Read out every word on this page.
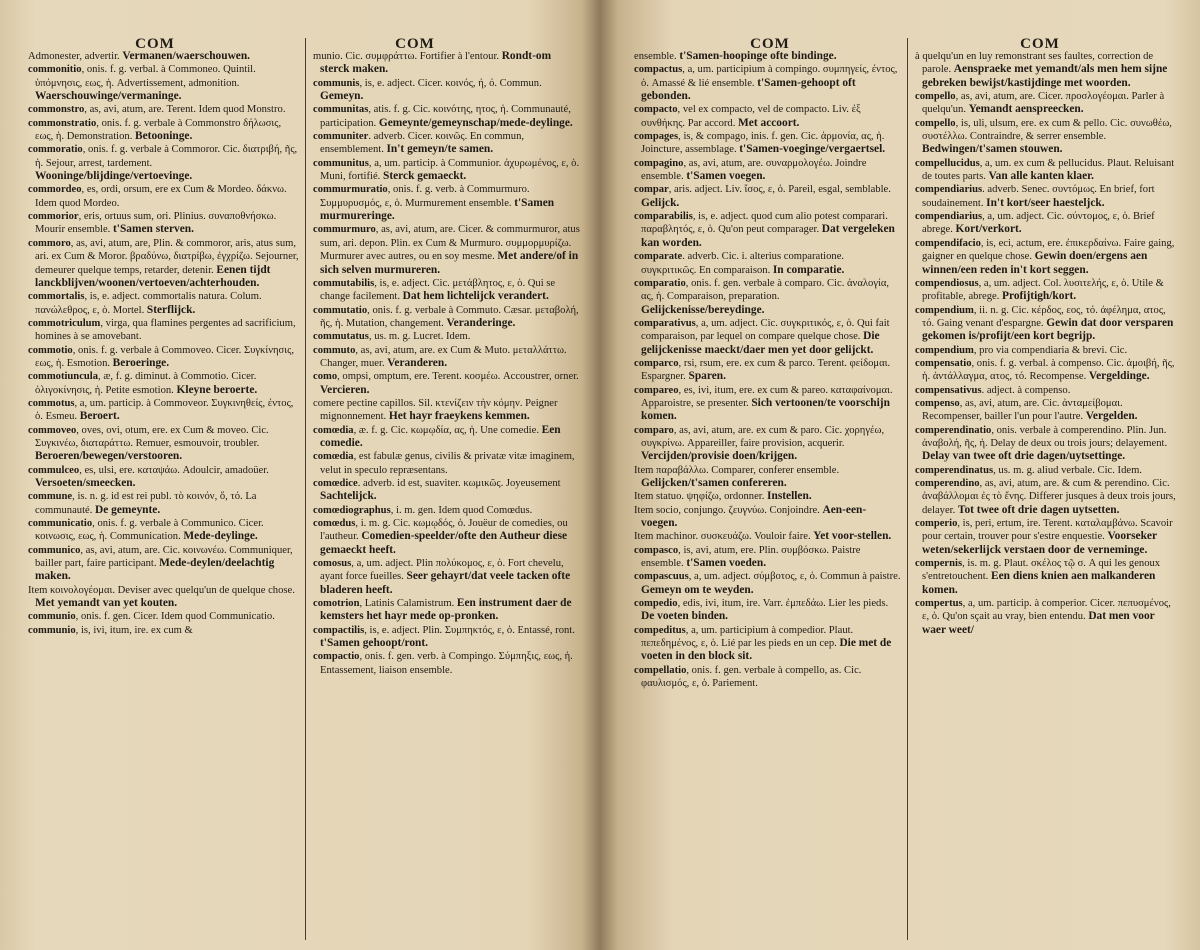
COM	COM

Admonester, advertir. Vermanen/waerschouwen.

commonitio, onis. f. g. verbal. à Commoneo. Quintil. ὑπόμνησις, εως, ἡ. Advertissement, admonition. Waerschouwinge/vermaninge.

commonstro, as, avi, atum, are. Terent. Idem quod Monstro.

commonstratio, onis. f. g. verbale à Commonstro δήλωσις, εως, ἡ. Demonstration. Betooninge.

commoratio, onis. f. g. verbale à Commoror. Cic. διατριβή, ῆς, ἡ. Sejour, arrest, tardement. Wooninge/blijdinge/vertoevinge.

commordeo, es, ordi, orsum, ere ex Cum & Mordeo. δάκνω. Idem quod Mordeo.

commorior, eris, ortuus sum, ori. Plinius. συναποθνήσκω. Mourir ensemble. t'Samen sterven.

commoro, as, avi, atum, are, Plin. & commoror, aris, atus sum, ari. ex Cum & Moror. βραδύνω, διατρίβω, ἐγχρίζω. Sejourner, demeurer quelque temps, retarder, detenir. Eenen tijdt lanckblijven/woonen/vertoeven/achterhouden.

commortalis, is, e. adject. commortalis natura. Colum. πανώλεθρος, ε, ὁ. Mortel. Sterflijck.

commotriculum, virga, qua flamines pergentes ad sacrificium, homines à se amovebant.

commotio, onis. f. g. verbale à Commoveo. Cicer. Συγκίνησις, εως, ἡ. Esmotion. Beroeringe.

commotiuncula, æ, f. g. diminut. à Commotio. Cicer. ὀλιγοκίνησις, ἡ. Petite esmotion. Kleyne beroerte.

commotus, a, um. particip. à Commoveor. Συγκινηθείς, έντος, ὁ. Esmeu. Beroert.

commoveo, oves, ovi, otum, ere. ex Cum & moveo. Cic. Συγκινέω, διαταράττω. Remuer, esmouvoir, troubler. Beroeren/bewegen/verstooren.

commulceo, es, ulsi, ere. καταψάω. Adoulcir, amadoüer. Versoeten/smeecken.

commune, is. n. g. id est rei publ. τὸ κοινόν, ὅ, τό. La communauté. De gemeynte.

communicatio, onis. f. g. verbale à Communico. Cicer. κοινωσις, εως, ἡ. Communication. Mede-deylinge.

communico, as, avi, atum, are. Cic. κοινωνέω. Communiquer, bailler part, faire participant. Mede-deylen/deelachtig maken.

Item κοινολογέομαι. Deviser avec quelqu'un de quelque chose. Met yemandt van yet kouten.

communio, onis. f. gen. Cicer. Idem quod Communicatio.

communio, is, ivi, itum, ire. ex cum &

munio. Cic. συμφράττω. Fortifier à l'entour. Rondt-om sterck maken.

communis, is, e. adject. Cicer. κοινός, ή, ό. Commun. Gemeyn.

communitas, atis. f. g. Cic. κοινότης, ητος, ἡ. Communauté, participation. Gemeynte/gemeynschap/mede-deylinge.

communiter. adverb. Cicer. κοινῶς. En commun, ensemblement. In't gemeyn/te samen.

communitus, a, um. particip. à Communior. ἀχυρωμένος, ε, ὁ. Muni, fortifié. Sterck gemaeckt.

commurmuratio, onis. f. g. verb. à Commurmuro. Συμμυρυσμός, ε, ὁ. Murmurement ensemble. t'Samen murmureringe.

commurmuro, as, avi, atum, are. Cicer. & commurmuror, atus sum, ari. depon. Plin. ex Cum & Murmuro. συμμορμυρίζω. Murmurer avec autres, ou en soy mesme. Met andere/of in sich selven murmureren.

commutabilis, is, e. adject. Cic. μετάβλητος, ε, ὁ. Qui se change facilement. Dat hem lichtelijck verandert.

commutatio, onis. f. g. verbale à Commuto. Cæsar. μεταβολή, ῆς, ἡ. Mutation, changement. Veranderinge.

commutatus, us. m. g. Lucret. Idem.

commuto, as, avi, atum, are. ex Cum & Muto. μεταλλάττω. Changer, muer. Veranderen.

como, ompsi, omptum, ere. Terent. κοσμέω. Accoustrer, orner. Vercieren.

comere pectine capillos. Sil. κτενίζειν τὴν κόμην. Peigner mignonnement. Het hayr fraeykens kemmen.

comœdia, æ. f. g. Cic. κωμῳδία, ας, ἡ. Une comedie. Een comedie.

comœdia, est fabulæ genus, civilis & privatæ vitæ imaginem, velut in speculo repræsentans.

comœdice. adverb. id est, suaviter. κωμικῶς. Joyeusement Sachtelijck.

comœdiographus, i. m. gen. Idem quod Comœdus.

comœdus, i. m. g. Cic. κωμῳδός, ὁ. Jouëur de comedies, ou l'autheur. Comedien-speelder/ofte den Autheur diese gemaeckt heeft.

comosus, a, um. adject. Plin πολύκομος, ε, ὁ. Fort chevelu, ayant force fueilles. Seer gehayrt/dat veele tacken ofte bladeren heeft.

comotrion, Latinis Calamistrum. Een instrument daer de kemsters het hayr mede op-pronken.

compactilis, is, e. adject. Plin. Συμπηκτός, ε, ὁ. Entassé, ront. t'Samen gehoopt/ront.

compactio, onis. f. gen. verb. à Compingo. Σύμπηξις, εως, ἡ. Entassement, liaison ensemble.

COM	COM

ensemble. t'Samen-hoopinge ofte bindinge.

compactus, a, um. participium à compingo. συμπηγείς, έντος, ὁ. Amassé & lié ensemble. t'Samen-gehoopt oft gebonden.

compacto, vel ex compacto, vel de compacto. Liv. ἐξ συνθήκης. Par accord. Met accoort.

compages, is, & compago, inis. f. gen. Cic. ἁρμονία, ας, ἡ. Joincture, assemblage. t'Samen-voeginge/vergaertsel.

compagino, as, avi, atum, are. συναρμολογέω. Joindre ensemble. t'Samen voegen.

compar, aris. adject. Liv. ἴσος, ε, ὁ. Pareil, esgal, semblable. Gelijck.

comparabilis, is, e. adject. quod cum alio potest comparari. παραβλητός, ε, ὁ. Qu'on peut comparager. Dat vergeleken kan worden.

comparate. adverb. Cic. i. alterius comparatione. συγκριτικῶς. En comparaison. In comparatie.

comparatio, onis. f. gen. verbale à comparo. Cic. ἀναλογία, ας, ἡ. Comparaison, preparation. Gelijckenisse/bereydinge.

comparativus, a, um. adject. Cic. συγκριτικός, ε, ὁ. Qui fait comparaison, par lequel on compare quelque chose. Die gelijckenisse maeckt/daer men yet door gelijckt.

comparco, rsi, rsum, ere. ex cum & parco. Terent. φείδομαι. Espargner. Sparen.

compareo, es, ivi, itum, ere. ex cum & pareo. καταφαίνομαι. Apparoistre, se presenter. Sich vertoonen/te voorschijn komen.

comparo, as, avi, atum, are. ex cum & paro. Cic. χορηγέω, συγκρίνω. Appareiller, faire provision, acquerir. Vercijden/provisie doen/krijgen.

Item παραβάλλω. Comparer, conferer ensemble. Gelijcken/t'samen confereren.

Item statuo. ψηφίζω, ordonner. Instellen.

Item socio, conjungo. ζευγνύω. Conjoindre. Aen-een-voegen.

Item machinor. συσκευάζω. Vouloir faire. Yet voor-stellen.

compasco, is, avi, atum, ere. Plin. συμβόσκω. Paistre ensemble. t'Samen voeden.

compascuus, a, um. adject. σύμβοτος, ε, ὁ. Commun à paistre. Gemeyn om te weyden.

compedio, edis, ivi, itum, ire. Varr. ἐμπεδάω. Lier les pieds. De voeten binden.

compeditus, a, um. participium à compedior. Plaut. πεπεδημένος, ε, ὁ. Lié par les pieds en un cep. Die met de voeten in den block sit.

compellatio, onis. f. gen. verbale à compello, as. Cic. φαυλισμός, ε, ὁ. Pariement.

à quelqu'un en luy remonstrant ses faultes, correction de parole. Aenspraeke met yemandt/als men hem sijne gebreken bewijst/kastijdinge met woorden.

compello, as, avi, atum, are. Cicer. προσλογέομαι. Parler à quelqu'un. Yemandt aenspreecken.

compello, is, uli, ulsum, ere. ex cum & pello. Cic. συνωθέω, συστέλλω. Contraindre, & serrer ensemble. Bedwingen/t'samen stouwen.

compellucidus, a, um. ex cum & pellucidus. Plaut. Reluisant de toutes parts. Van alle kanten klaer.

compendiarius. adverb. Senec. συντόμως. En brief, fort soudainement. In't kort/seer haesteljck.

compendiarius, a, um. adject. Cic. σύντομος, ε, ὁ. Brief abrege. Kort/verkort.

compendifacio, is, eci, actum, ere. ἐπικερδαίνω. Faire gaing, gaigner en quelque chose. Gewin doen/ergens aen winnen/een reden in't kort seggen.

compendiosus, a, um. adject. Col. λυσιτελής, ε, ὁ. Utile & profitable, abrege. Profijtigh/kort.

compendium, ii. n. g. Cic. κέρδος, εος, τό. ἀφέλημα, ατος, τό. Gaing venant d'espargne. Gewin dat door versparen gekomen is/profijt/een kort begrijp.

compendium, pro via compendiaria & brevi. Cic.

compensatio, onis. f. g. verbal. à compenso. Cic. ἀμοιβή, ῆς, ἡ. ἀντάλλαγμα, ατος, τό. Recompense. Vergeldinge.

compensativus. adject. à compenso.

compenso, as, avi, atum, are. Cic. ἀνταμείβομαι. Recompenser, bailler l'un pour l'autre. Vergelden.

comperendinatio, onis. verbale à comperendino. Plin. Jun. ἀναβολή, ῆς, ἡ. Delay de deux ou trois jours; delayement. Delay van twee oft drie dagen/uytsettinge.

comperendinatus, us. m. g. aliud verbale. Cic. Idem.

comperendino, as, avi, atum, are. & cum & perendino. Cic. ἀναβάλλομαι ἐς τὸ ἔνης. Differer jusques à deux trois jours, delayer. Tot twee oft drie dagen uytsetten.

comperio, is, peri, ertum, ire. Terent. καταλαμβάνω. Scavoir pour certain, trouver pour s'estre enquestie. Voorseker weten/sekerlijck verstaen door de verneminge.

compernis, is. m. g. Plaut. σκέλος τῷ σ. A qui les genoux s'entretouchent. Een diens knien aen malkanderen komen.

compertus, a, um. particip. à comperior. Cicer. πεπυσμένος, ε, ὁ. Qu'on sçait au vray, bien entendu. Dat men voor waer weet/
